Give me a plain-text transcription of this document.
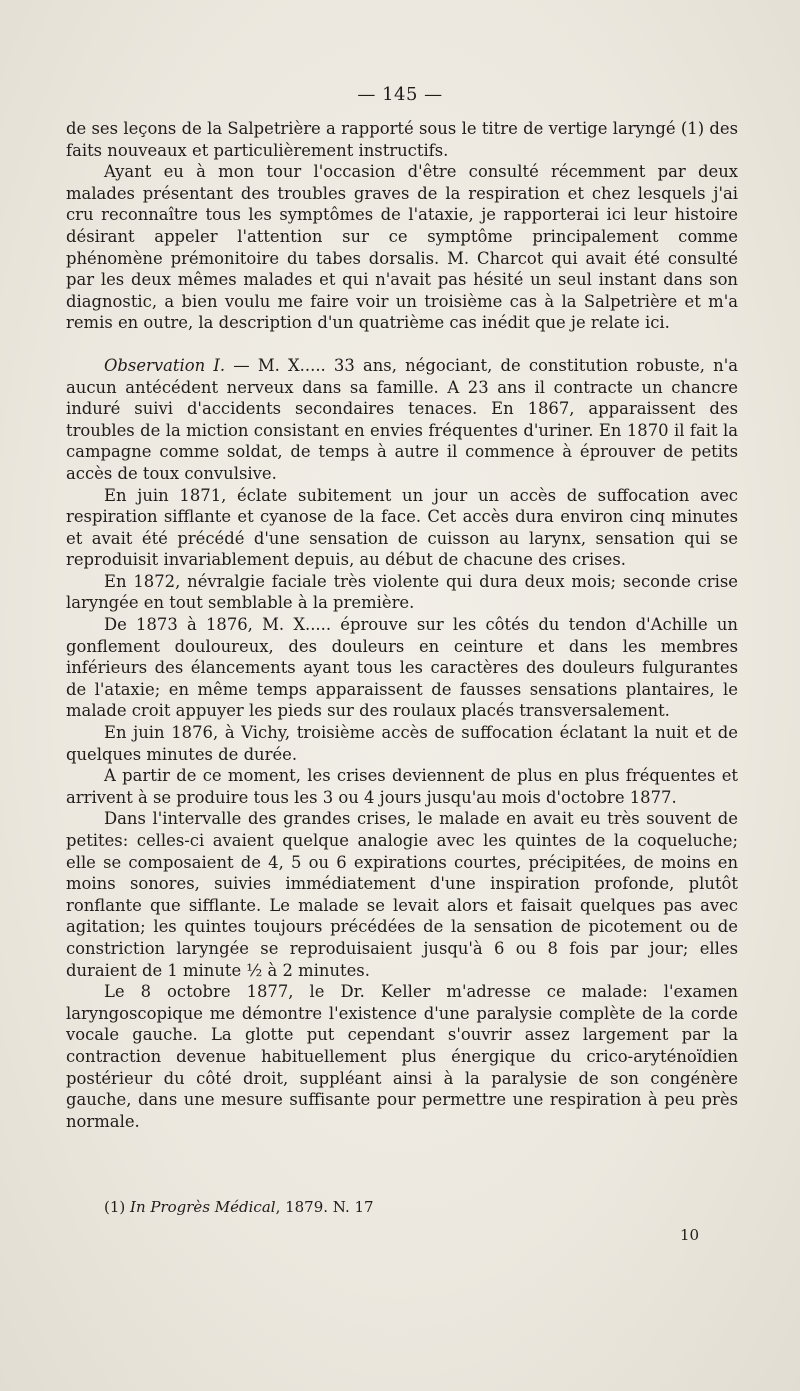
— 145 —

de ses leçons de la Salpetrière a rapporté sous le titre de vertige laryngé (1) des faits nouveaux et particulièrement instructifs.

Ayant eu à mon tour l'occasion d'être consulté récemment par deux malades présentant des troubles graves de la respiration et chez lesquels j'ai cru reconnaître tous les symptômes de l'ataxie, je rapporterai ici leur histoire désirant appeler l'attention sur ce symptôme principalement comme phénomène prémonitoire du tabes dorsalis. M. Charcot qui avait été consulté par les deux mêmes malades et qui n'avait pas hésité un seul instant dans son diagnostic, a bien voulu me faire voir un troisième cas à la Salpetrière et m'a remis en outre, la description d'un quatrième cas inédit que je relate ici.

Observation I. — M. X..... 33 ans, négociant, de constitution robuste, n'a aucun antécédent nerveux dans sa famille. A 23 ans il contracte un chancre induré suivi d'accidents secondaires tenaces. En 1867, apparaissent des troubles de la miction consistant en envies fréquentes d'uriner. En 1870 il fait la campagne comme soldat, de temps à autre il commence à éprouver de petits accès de toux convulsive.

En juin 1871, éclate subitement un jour un accès de suffocation avec respiration sifflante et cyanose de la face. Cet accès dura environ cinq minutes et avait été précédé d'une sensation de cuisson au larynx, sensation qui se reproduisit invariablement depuis, au début de chacune des crises.

En 1872, névralgie faciale très violente qui dura deux mois; seconde crise laryngée en tout semblable à la première.

De 1873 à 1876, M. X..... éprouve sur les côtés du tendon d'Achille un gonflement douloureux, des douleurs en ceinture et dans les membres inférieurs des élancements ayant tous les caractères des douleurs fulgurantes de l'ataxie; en même temps apparaissent de fausses sensations plantaires, le malade croit appuyer les pieds sur des roulaux placés transversalement.

En juin 1876, à Vichy, troisième accès de suffocation éclatant la nuit et de quelques minutes de durée.

A partir de ce moment, les crises deviennent de plus en plus fréquentes et arrivent à se produire tous les 3 ou 4 jours jusqu'au mois d'octobre 1877.

Dans l'intervalle des grandes crises, le malade en avait eu très souvent de petites: celles-ci avaient quelque analogie avec les quintes de la coqueluche; elle se composaient de 4, 5 ou 6 expirations courtes, précipitées, de moins en moins sonores, suivies immédiatement d'une inspiration profonde, plutôt ronflante que sifflante. Le malade se levait alors et faisait quelques pas avec agitation; les quintes toujours précédées de la sensation de picotement ou de constriction laryngée se reproduisaient jusqu'à 6 ou 8 fois par jour; elles duraient de 1 minute ½ à 2 minutes.

Le 8 octobre 1877, le Dr. Keller m'adresse ce malade: l'examen laryngoscopique me démontre l'existence d'une paralysie complète de la corde vocale gauche. La glotte put cependant s'ouvrir assez largement par la contraction devenue habituellement plus énergique du crico-aryténoïdien postérieur du côté droit, suppléant ainsi à la paralysie de son congénère gauche, dans une mesure suffisante pour permettre une respiration à peu près normale.

(1) In Progrès Médical, 1879. N. 17
10
